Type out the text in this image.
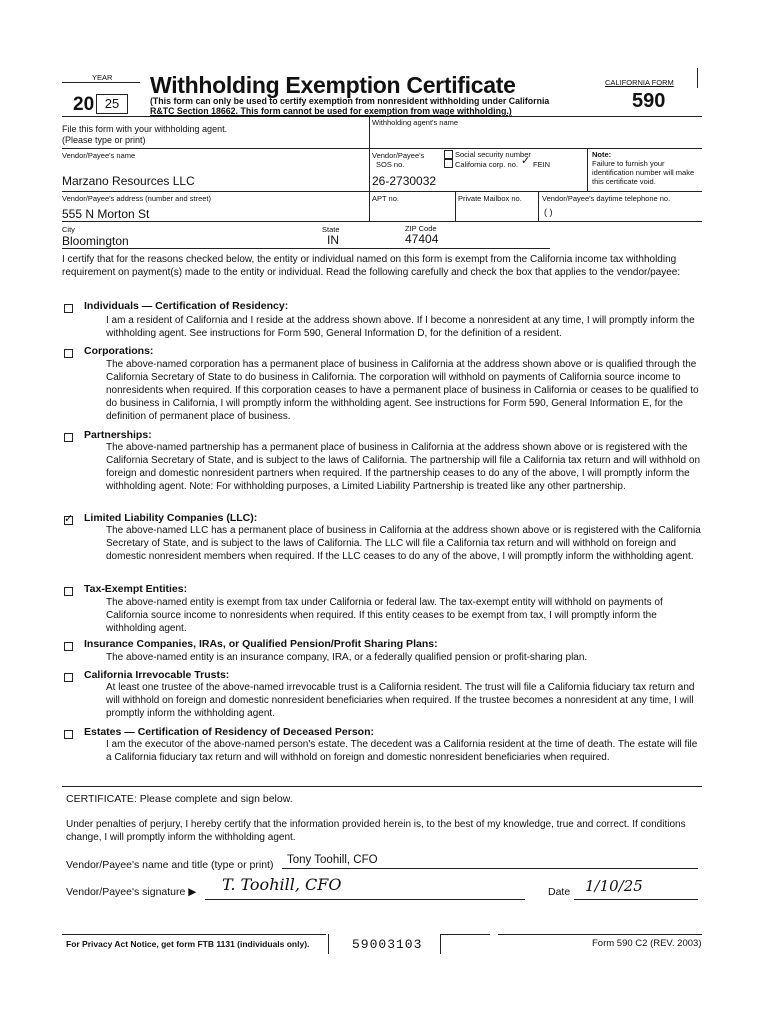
YEAR
20 25
Withholding Exemption Certificate
(This form can only be used to certify exemption from nonresident withholding under California
R&TC Section 18662. This form cannot be used for exemption from wage withholding.)
CALIFORNIA FORM
590
File this form with your withholding agent.
(Please type or print)
Withholding agent's name
Vendor/Payee's name
Marzano Resources LLC
Vendor/Payee's
SOS no.
Social security number
California corp. no.
✓ FEIN
26-2730032
Note:
Failure to furnish your identification number will make this certificate void.
Vendor/Payee's address (number and street)
555 N Morton St
APT no.	Private Mailbox no.	Vendor/Payee's daytime telephone no.
( )
City
Bloomington
State
IN
ZIP Code
47404
I certify that for the reasons checked below, the entity or individual named on this form is exempt from the California income tax withholding requirement on payment(s) made to the entity or individual. Read the following carefully and check the box that applies to the vendor/payee:
Individuals — Certification of Residency:
I am a resident of California and I reside at the address shown above. If I become a nonresident at any time, I will promptly inform the withholding agent. See instructions for Form 590, General Information D, for the definition of a resident.
Corporations:
The above-named corporation has a permanent place of business in California at the address shown above or is qualified through the California Secretary of State to do business in California. The corporation will withhold on payments of California source income to nonresidents when required. If this corporation ceases to have a permanent place of business in California or ceases to be qualified to do business in California, I will promptly inform the withholding agent. See instructions for Form 590, General Information E, for the definition of permanent place of business.
Partnerships:
The above-named partnership has a permanent place of business in California at the address shown above or is registered with the California Secretary of State, and is subject to the laws of California. The partnership will file a California tax return and will withhold on foreign and domestic nonresident partners when required. If the partnership ceases to do any of the above, I will promptly inform the withholding agent. Note: For withholding purposes, a Limited Liability Partnership is treated like any other partnership.
✓
Limited Liability Companies (LLC):
The above-named LLC has a permanent place of business in California at the address shown above or is registered with the California Secretary of State, and is subject to the laws of California. The LLC will file a California tax return and will withhold on foreign and domestic nonresident members when required. If the LLC ceases to do any of the above, I will promptly inform the withholding agent.
Tax-Exempt Entities:
The above-named entity is exempt from tax under California or federal law. The tax-exempt entity will withhold on payments of California source income to nonresidents when required. If this entity ceases to be exempt from tax, I will promptly inform the withholding agent.
Insurance Companies, IRAs, or Qualified Pension/Profit Sharing Plans:
The above-named entity is an insurance company, IRA, or a federally qualified pension or profit-sharing plan.
California Irrevocable Trusts:
At least one trustee of the above-named irrevocable trust is a California resident. The trust will file a California fiduciary tax return and will withhold on foreign and domestic nonresident beneficiaries when required. If the trustee becomes a nonresident at any time, I will promptly inform the withholding agent.
Estates — Certification of Residency of Deceased Person:
I am the executor of the above-named person's estate. The decedent was a California resident at the time of death. The estate will file a California fiduciary tax return and will withhold on foreign and domestic nonresident beneficiaries when required.
CERTIFICATE: Please complete and sign below.
Under penalties of perjury, I hereby certify that the information provided herein is, to the best of my knowledge, true and correct. If conditions change, I will promptly inform the withholding agent.
Vendor/Payee's name and title (type or print) Tony Toohill, CFO
Vendor/Payee's signature ▶ T. Toohill, CFO	Date 1/10/25
For Privacy Act Notice, get form FTB 1131 (individuals only).	59003103	Form 590 C2 (REV. 2003)
